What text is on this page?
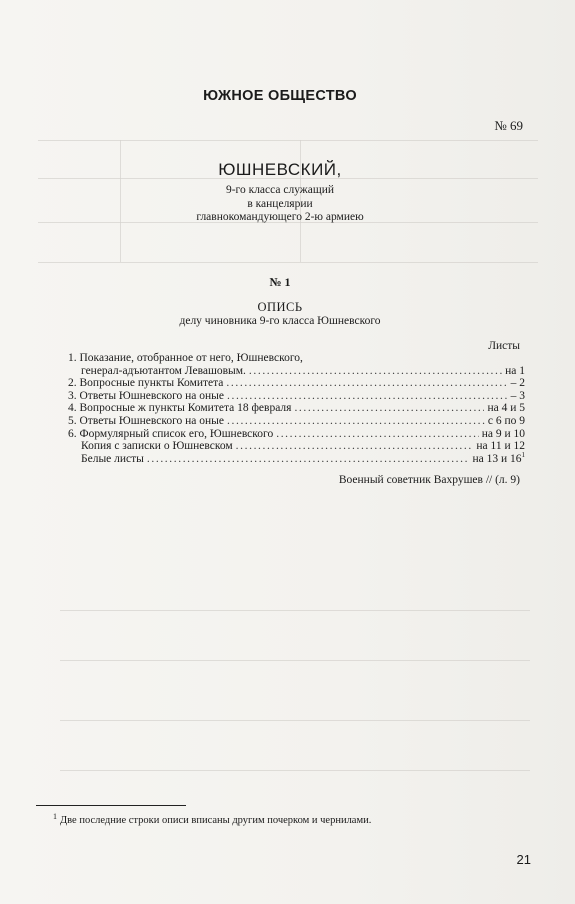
ЮЖНОЕ ОБЩЕСТВО
№ 69
ЮШНЕВСКИЙ,
9-го класса служащий
в канцелярии
главнокомандующего 2-ю армиею
№ 1
ОПИСЬ
делу чиновника 9-го класса Юшневского
Листы
1. Показание, отобранное от него, Юшневского,
генерал-адъютантом Левашовым. .....	на 1
2. Вопросные пункты Комитета .....	– 2
3. Ответы Юшневского на оные .....	– 3
4. Вопросные ж пункты Комитета 18 февраля .....	на 4 и 5
5. Ответы Юшневского на оные .....	с 6 по 9
6. Формулярный список его, Юшневского .....	на 9 и 10
Копия с записки о Юшневском .....	на 11 и 12
Белые листы .....	на 13 и $16^1$
Военный советник Вахрушев // (л. 9)
1 Две последние строки описи вписаны другим почерком и чернилами.
21
